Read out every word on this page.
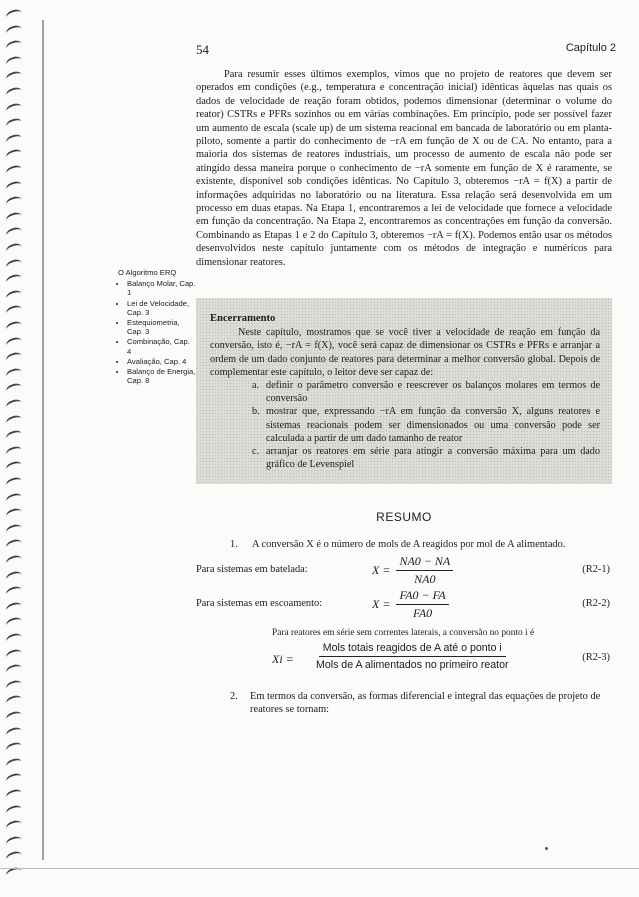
54	Capítulo 2

Para resumir esses últimos exemplos, vimos que no projeto de reatores que devem ser operados em condições (e.g., temperatura e concentração inicial) idênticas àquelas nas quais os dados de velocidade de reação foram obtidos, podemos dimensionar (determinar o volume do reator) CSTRs e PFRs sozinhos ou em várias combinações. Em princípio, pode ser possível fazer um aumento de escala (scale up) de um sistema reacional em bancada de laboratório ou em planta-piloto, somente a partir do conhecimento de −rA em função de X ou de CA. No entanto, para a maioria dos sistemas de reatores industriais, um processo de aumento de escala não pode ser atingido dessa maneira porque o conhecimento de −rA somente em função de X é raramente, se existente, disponível sob condições idênticas. No Capítulo 3, obteremos −rA = f(X) a partir de informações adquiridas no laboratório ou na literatura. Essa relação será desenvolvida em um processo em duas etapas. Na Etapa 1, encontraremos a lei de velocidade que fornece a velocidade em função da concentração. Na Etapa 2, encontraremos as concentrações em função da conversão. Combinando as Etapas 1 e 2 do Capítulo 3, obteremos −rA = f(X). Podemos então usar os métodos desenvolvidos neste capítulo juntamente com os métodos de integração e numéricos para dimensionar reatores.

O Algoritmo ERQ
• Balanço Molar, Cap. 1
• Lei de Velocidade, Cap. 3
• Estequiometria, Cap. 3
• Combinação, Cap. 4
• Avaliação, Cap. 4
• Balanço de Energia, Cap. 8
Encerramento

Neste capítulo, mostramos que se você tiver a velocidade de reação em função da conversão, isto é, −rA = f(X), você será capaz de dimensionar os CSTRs e PFRs e arranjar a ordem de um dado conjunto de reatores para determinar a melhor conversão global. Depois de complementar este capítulo, o leitor deve ser capaz de:

a. definir o parâmetro conversão e reescrever os balanços molares em termos de conversão
b. mostrar que, expressando −rA em função da conversão X, alguns reatores e sistemas reacionais podem ser dimensionados ou uma conversão pode ser calculada a partir de um dado tamanho de reator
c. arranjar os reatores em série para atingir a conversão máxima para um dado gráfico de Levenspiel
RESUMO
1. A conversão X é o número de mols de A reagidos por mol de A alimentado.
Para sistemas em batelada:	$X = \frac{NA0 - NA}{NA0}$	(R2-1)
Para sistemas em escoamento:	$X = \frac{FA0 - FA}{FA0}$	(R2-2)
Para reatores em série sem correntes laterais, a conversão no ponto i é
Xi =
Mols totais reagidos de A até o ponto i
Mols de A alimentados no primeiro reator
(R2-3)
2.	Em termos da conversão, as formas diferencial e integral das equações de projeto de reatores se tornam:
